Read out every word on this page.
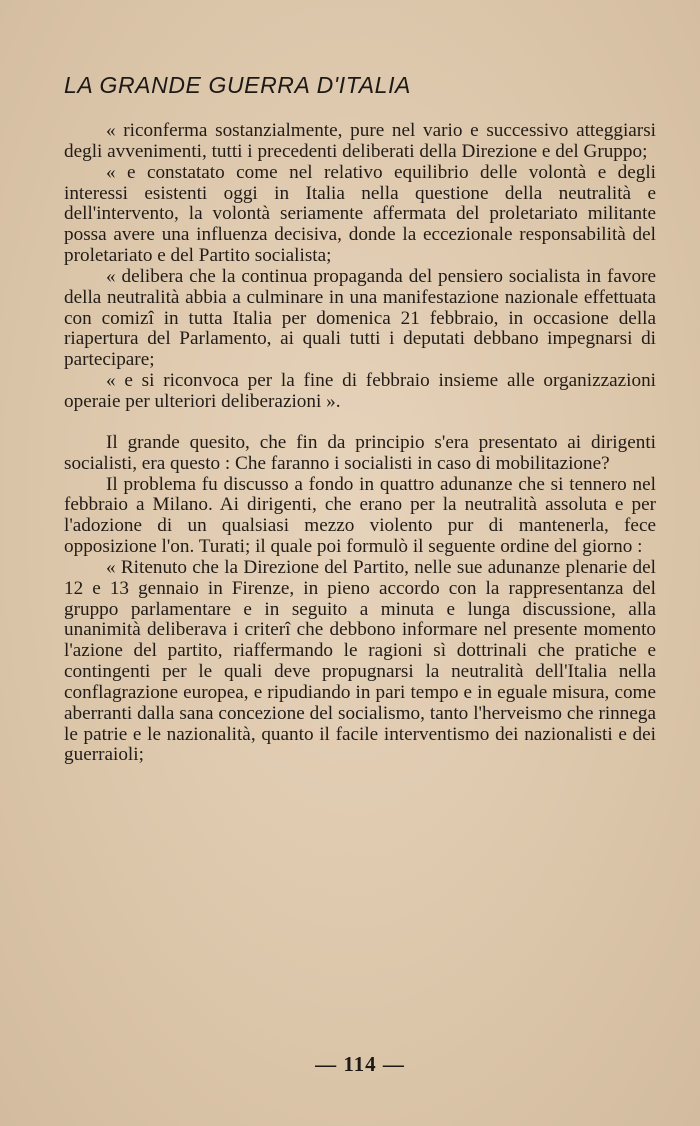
LA GRANDE GUERRA D'ITALIA

« riconferma sostanzialmente, pure nel vario e successivo atteggiarsi degli avvenimenti, tutti i precedenti deliberati della Direzione e del Gruppo;

« e constatato come nel relativo equilibrio delle volontà e degli interessi esistenti oggi in Italia nella questione della neutralità e dell'intervento, la volontà seriamente affermata del proletariato militante possa avere una influenza decisiva, donde la eccezionale responsabilità del proletariato e del Partito socialista;

« delibera che la continua propaganda del pensiero socialista in favore della neutralità abbia a culminare in una manifestazione nazionale effettuata con comizî in tutta Italia per domenica 21 febbraio, in occasione della riapertura del Parlamento, ai quali tutti i deputati debbano impegnarsi di partecipare;

« e si riconvoca per la fine di febbraio insieme alle organizzazioni operaie per ulteriori deliberazioni ».

Il grande quesito, che fin da principio s'era presentato ai dirigenti socialisti, era questo : Che faranno i socialisti in caso di mobilitazione?

Il problema fu discusso a fondo in quattro adunanze che si tennero nel febbraio a Milano. Ai dirigenti, che erano per la neutralità assoluta e per l'adozione di un qualsiasi mezzo violento pur di mantenerla, fece opposizione l'on. Turati; il quale poi formulò il seguente ordine del giorno :

« Ritenuto che la Direzione del Partito, nelle sue adunanze plenarie del 12 e 13 gennaio in Firenze, in pieno accordo con la rappresentanza del gruppo parlamentare e in seguito a minuta e lunga discussione, alla unanimità deliberava i criterî che debbono informare nel presente momento l'azione del partito, riaffermando le ragioni sì dottrinali che pratiche e contingenti per le quali deve propugnarsi la neutralità dell'Italia nella conflagrazione europea, e ripudiando in pari tempo e in eguale misura, come aberranti dalla sana concezione del socialismo, tanto l'herveismo che rinnega le patrie e le nazionalità, quanto il facile interventismo dei nazionalisti e dei guerraioli;

— 114 —
